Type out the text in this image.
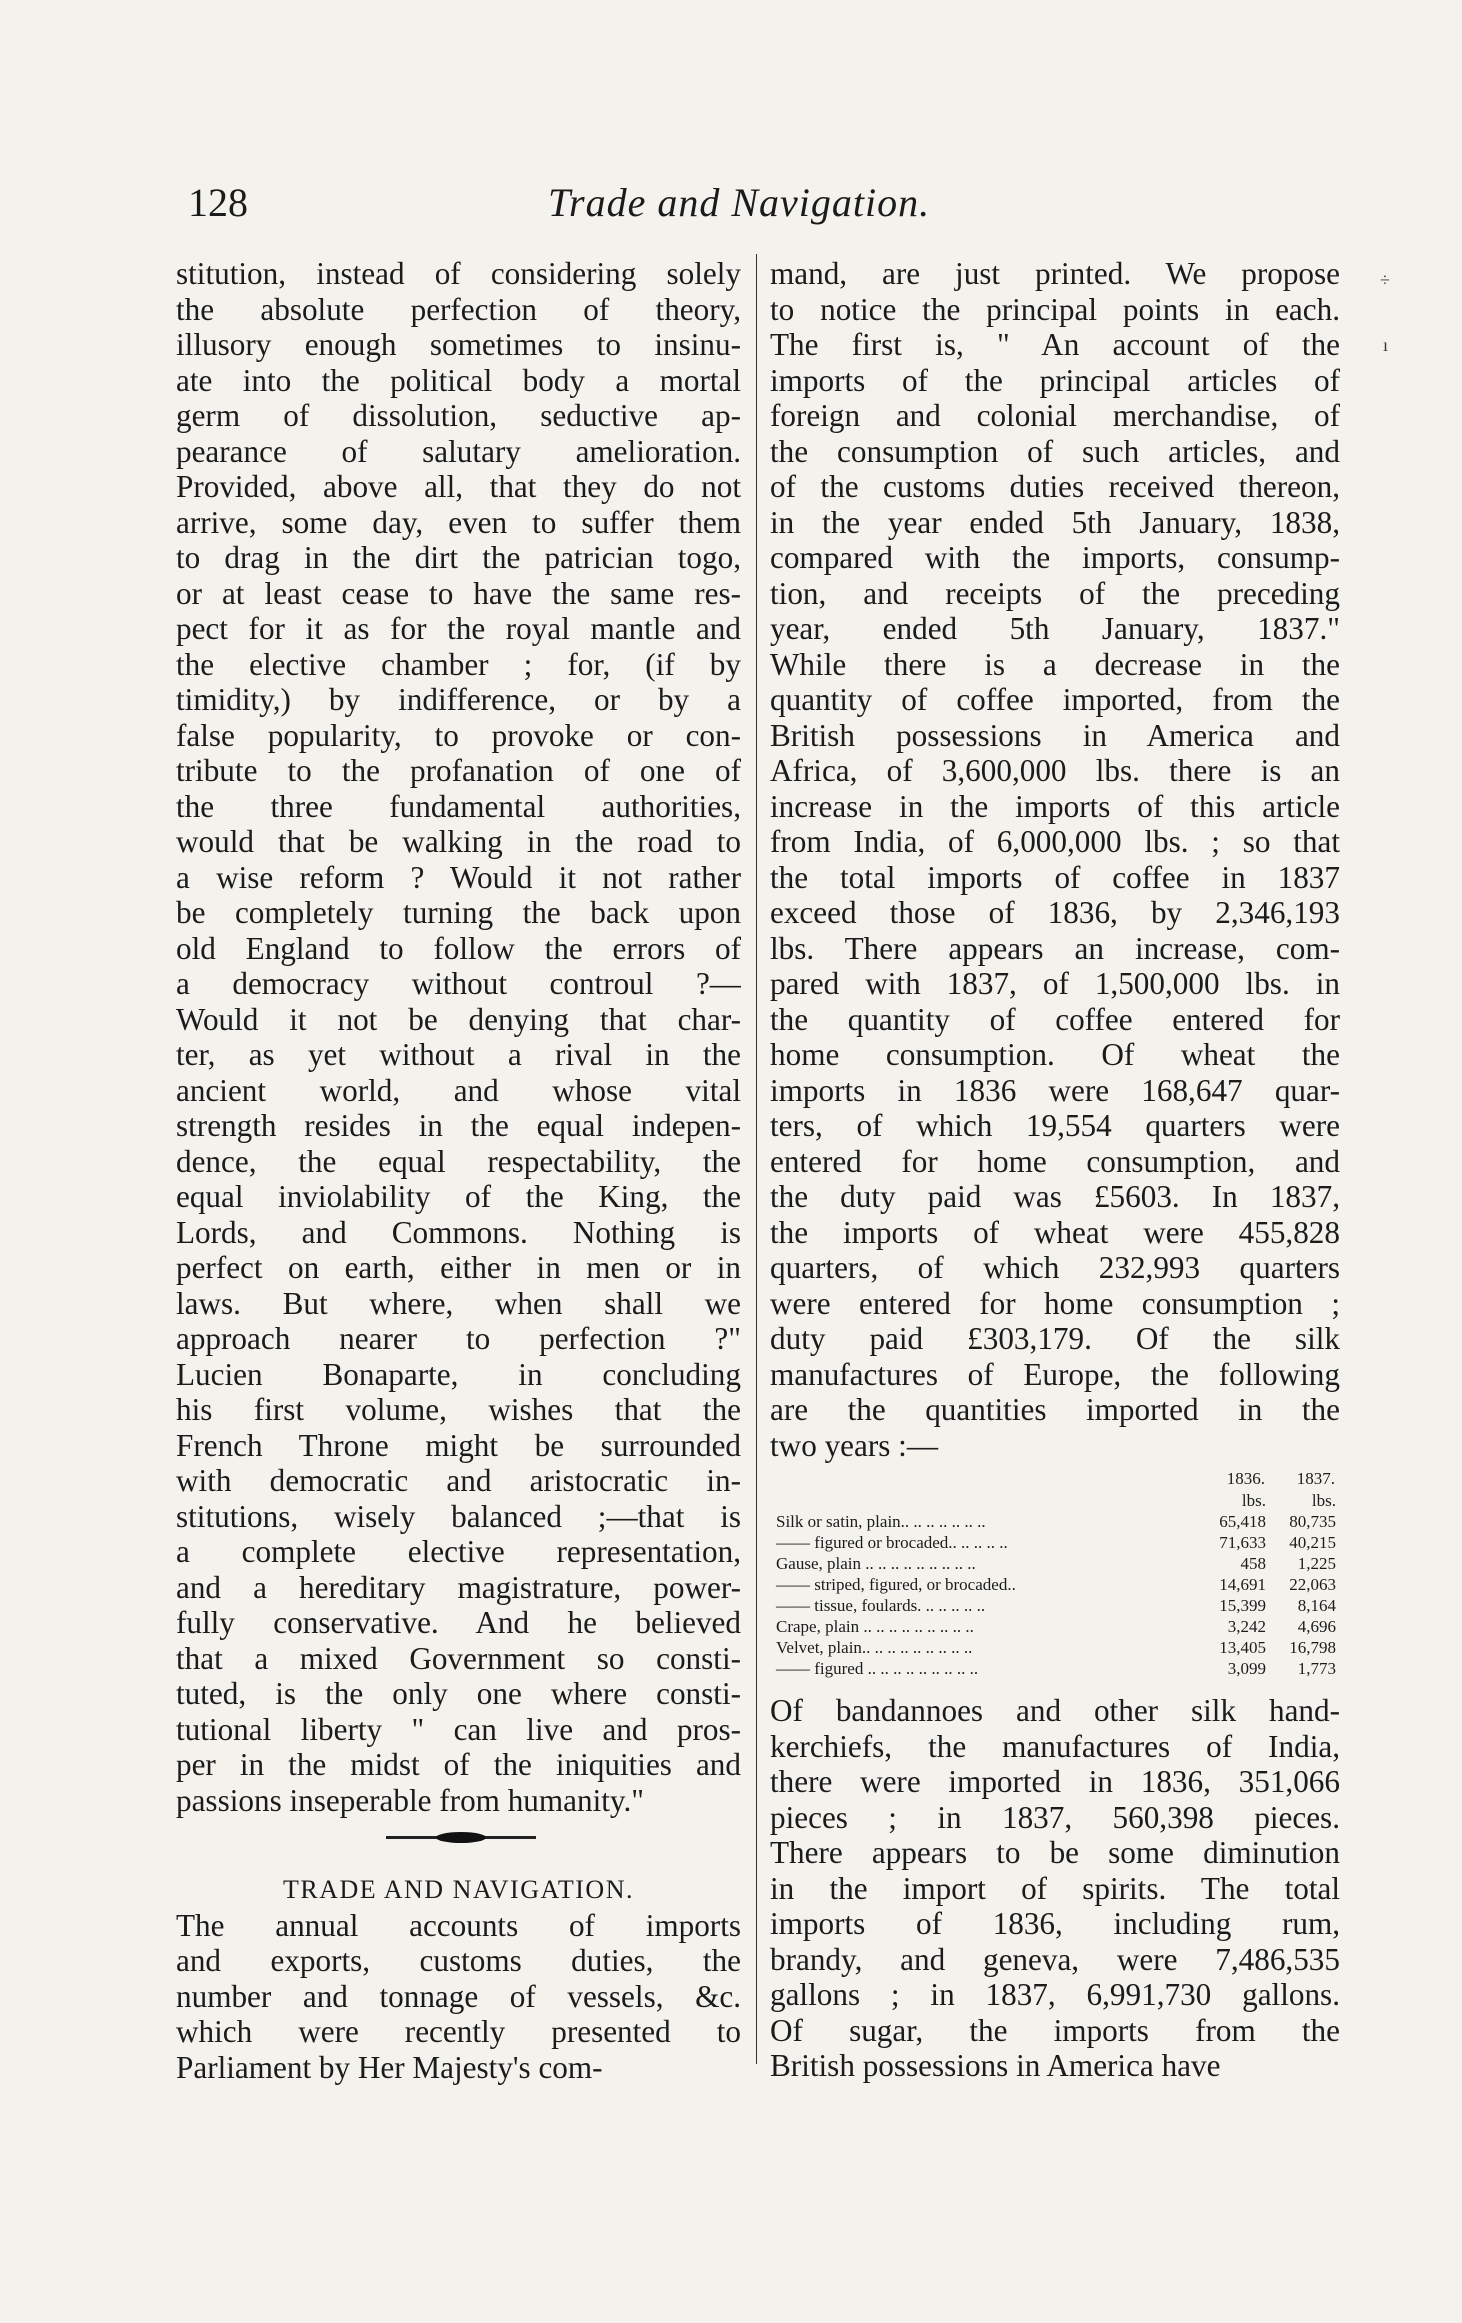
128	Trade and Navigation.
stitution, instead of considering solely
the absolute perfection of theory,
illusory enough sometimes to insinu-
ate into the political body a mortal
germ of dissolution, seductive ap-
pearance of salutary amelioration.
Provided, above all, that they do not
arrive, some day, even to suffer them
to drag in the dirt the patrician togo,
or at least cease to have the same res-
pect for it as for the royal mantle and
the elective chamber ; for, (if by
timidity,) by indifference, or by a
false popularity, to provoke or con-
tribute to the profanation of one of
the three fundamental authorities,
would that be walking in the road to
a wise reform ? Would it not rather
be completely turning the back upon
old England to follow the errors of
a democracy without controul ?—
Would it not be denying that char-
ter, as yet without a rival in the
ancient world, and whose vital
strength resides in the equal indepen-
dence, the equal respectability, the
equal inviolability of the King, the
Lords, and Commons. Nothing is
perfect on earth, either in men or in
laws. But where, when shall we
approach nearer to perfection ?"
Lucien Bonaparte, in concluding
his first volume, wishes that the
French Throne might be surrounded
with democratic and aristocratic in-
stitutions, wisely balanced ;—that is
a complete elective representation,
and a hereditary magistrature, power-
fully conservative. And he believed
that a mixed Government so consti-
tuted, is the only one where consti-
tutional liberty " can live and pros-
per in the midst of the iniquities and
passions inseperable from humanity."
TRADE AND NAVIGATION.
The annual accounts of imports
and exports, customs duties, the
number and tonnage of vessels, &c.
which were recently presented to
Parliament by Her Majesty's com-
mand, are just printed. We propose
to notice the principal points in each.
The first is, " An account of the
imports of the principal articles of
foreign and colonial merchandise, of
the consumption of such articles, and
of the customs duties received thereon,
in the year ended 5th January, 1838,
compared with the imports, consump-
tion, and receipts of the preceding
year, ended 5th January, 1837."
While there is a decrease in the
quantity of coffee imported, from the
British possessions in America and
Africa, of 3,600,000 lbs. there is an
increase in the imports of this article
from India, of 6,000,000 lbs. ; so that
the total imports of coffee in 1837
exceed those of 1836, by 2,346,193
lbs. There appears an increase, com-
pared with 1837, of 1,500,000 lbs. in
the quantity of coffee entered for
home consumption. Of wheat the
imports in 1836 were 168,647 quar-
ters, of which 19,554 quarters were
entered for home consumption, and
the duty paid was £5603. In 1837,
the imports of wheat were 455,828
quarters, of which 232,993 quarters
were entered for home consumption ;
duty paid £303,179. Of the silk
manufactures of Europe, the following
are the quantities imported in the
two years :—
	1836.	1837.
	lbs.	lbs.
Silk or satin, plain.. .. .. .. .. .. ..	65,418	80,735
—— figured or brocaded.. .. .. .. ..	71,633	40,215
Gause, plain .. .. .. .. .. .. .. .. ..	458	1,225
—— striped, figured, or brocaded..	14,691	22,063
—— tissue, foulards. .. .. .. .. ..	15,399	8,164
Crape, plain .. .. .. .. .. .. .. .. ..	3,242	4,696
Velvet, plain.. .. .. .. .. .. .. .. ..	13,405	16,798
—— figured .. .. .. .. .. .. .. .. ..	3,099	1,773
Of bandannoes and other silk hand-
kerchiefs, the manufactures of India,
there were imported in 1836, 351,066
pieces ; in 1837, 560,398 pieces.
There appears to be some diminution
in the import of spirits. The total
imports of 1836, including rum,
brandy, and geneva, were 7,486,535
gallons ; in 1837, 6,991,730 gallons.
Of sugar, the imports from the
British possessions in America have
÷
ı
